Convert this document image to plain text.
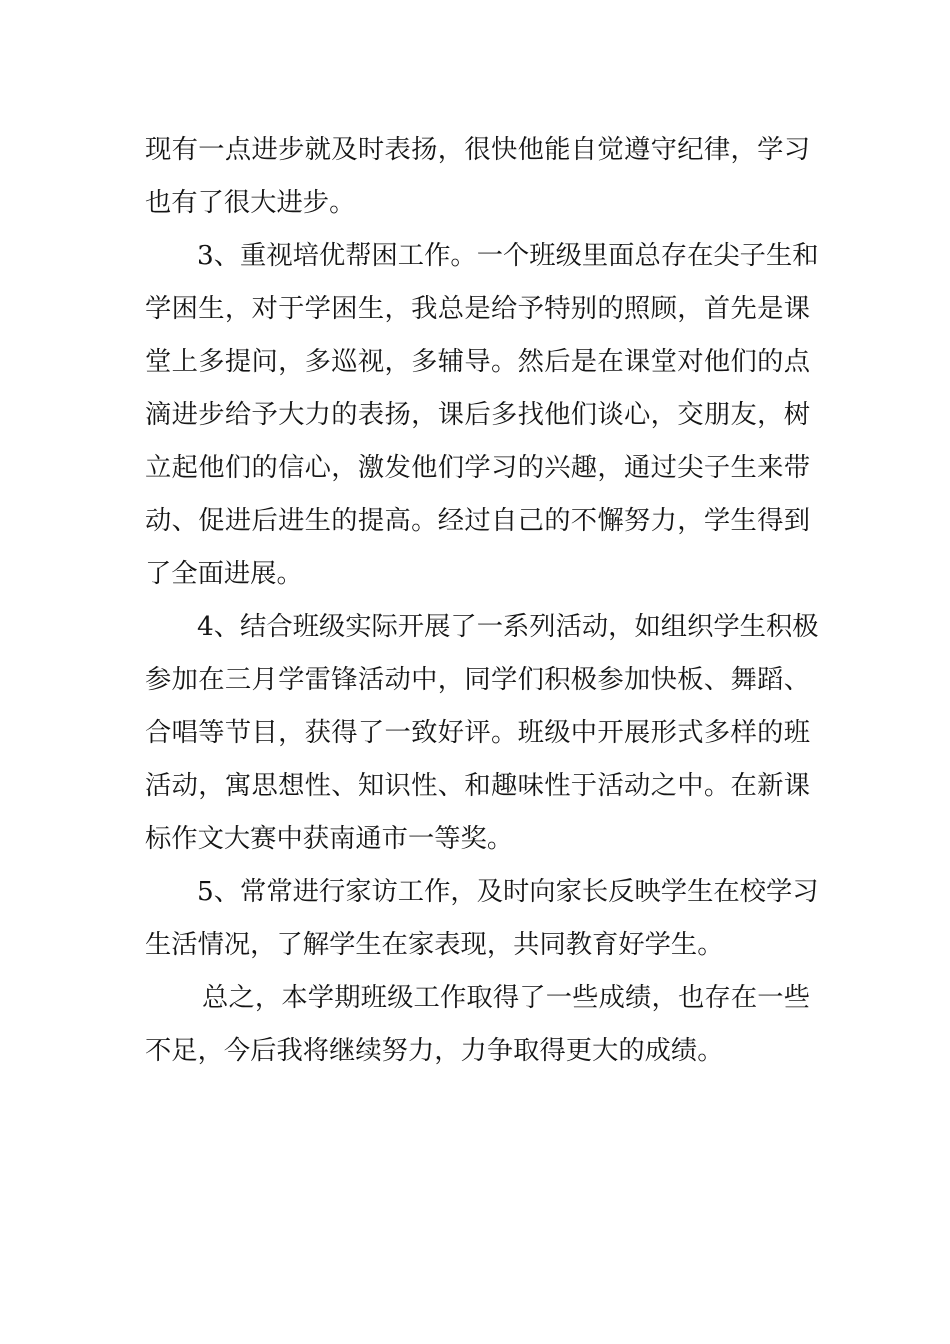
现有一点进步就及时表扬，很快他能自觉遵守纪律，学习
也有了很大进步。
3、重视培优帮困工作。一个班级里面总存在尖子生和
学困生，对于学困生，我总是给予特别的照顾，首先是课
堂上多提问，多巡视，多辅导。然后是在课堂对他们的点
滴进步给予大力的表扬，课后多找他们谈心，交朋友，树
立起他们的信心，激发他们学习的兴趣，通过尖子生来带
动、促进后进生的提高。经过自己的不懈努力，学生得到
了全面进展。
4、结合班级实际开展了一系列活动，如组织学生积极
参加在三月学雷锋活动中，同学们积极参加快板、舞蹈、
合唱等节目，获得了一致好评。班级中开展形式多样的班
活动，寓思想性、知识性、和趣味性于活动之中。在新课
标作文大赛中获南通市一等奖。
5、常常进行家访工作，及时向家长反映学生在校学习
生活情况，了解学生在家表现，共同教育好学生。
总之，本学期班级工作取得了一些成绩，也存在一些
不足，今后我将继续努力，力争取得更大的成绩。
